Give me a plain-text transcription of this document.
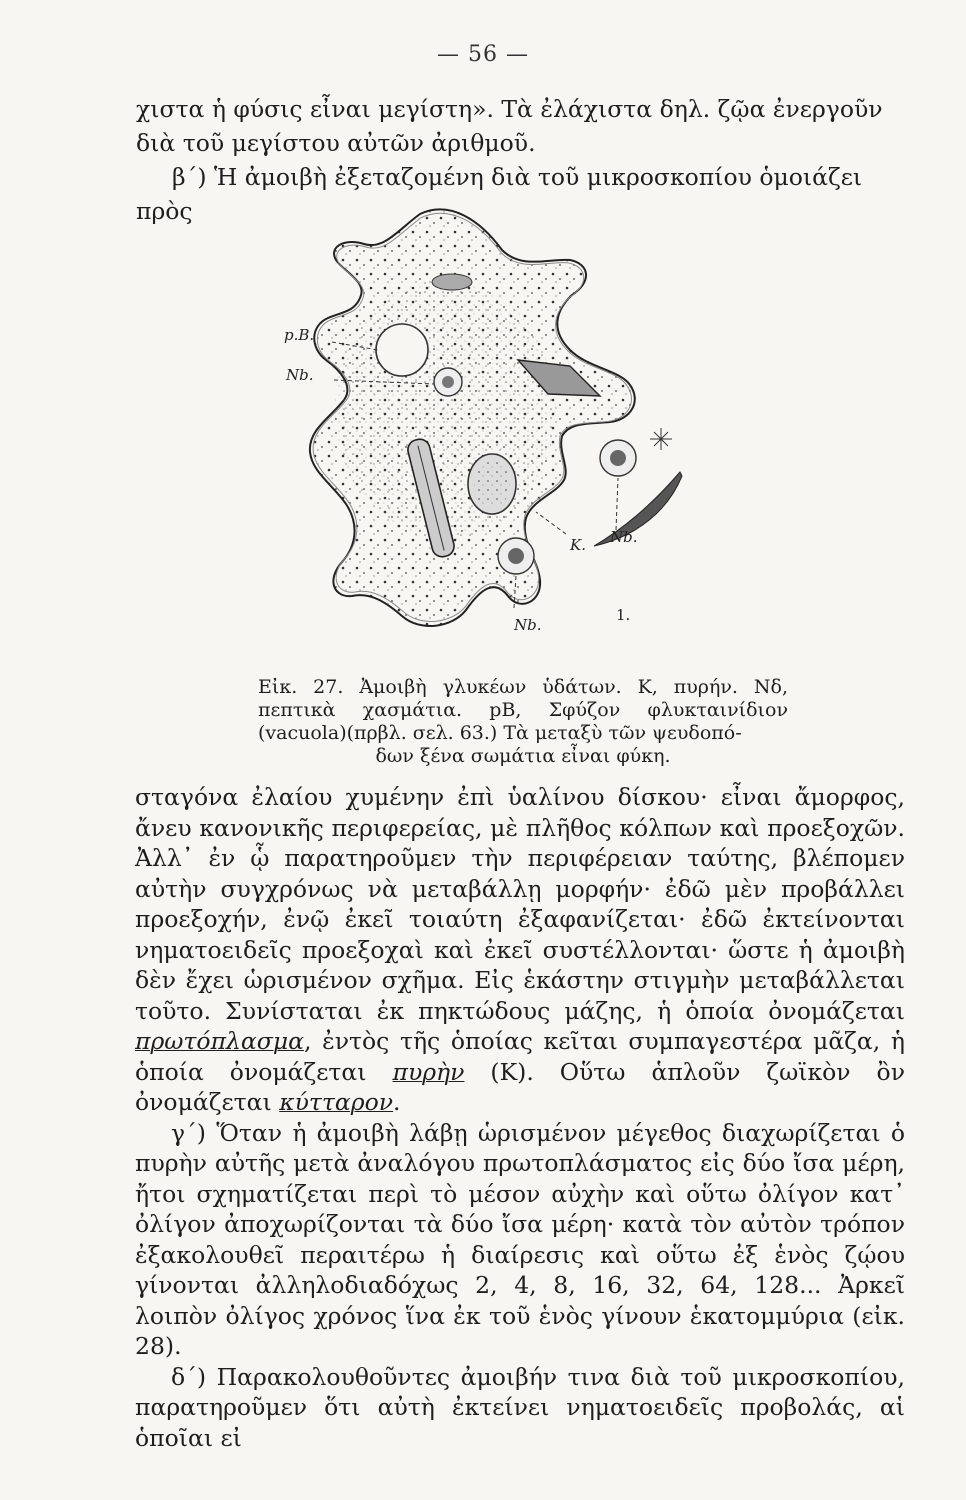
— 56 —

χιστα ἡ φύσις εἶναι μεγίστη». Τὰ ἐλάχιστα δηλ. ζῷα ἐνεργοῦν διὰ τοῦ μεγίστου αὐτῶν ἀριθμοῦ.

β΄) Ἡ ἀμοιβὴ ἐξεταζομένη διὰ τοῦ μικροσκοπίου ὁμοιάζει πρὸς

p.B.
Nb.
K. Nb.
Nb.
1.
Εἰκ. 27. Ἀμοιβὴ γλυκέων ὑδάτων. Κ, πυρήν. Νδ, πεπτικὰ χασμάτια. pB, Σφύζον φλυκταινίδιον (vacuola)(πρβλ. σελ. 63.) Τὰ μεταξὺ τῶν ψευδοπό-
δων ξένα σωμάτια εἶναι φύκη.

σταγόνα ἐλαίου χυμένην ἐπὶ ὑαλίνου δίσκου· εἶναι ἄμορφος, ἄνευ κανονικῆς περιφερείας, μὲ πλῆθος κόλπων καὶ προεξοχῶν. Ἀλλ᾽ ἐν ᾧ παρατηροῦμεν τὴν περιφέρειαν ταύτης, βλέπομεν αὐτὴν συγχρόνως νὰ μεταβάλλῃ μορφήν· ἐδῶ μὲν προβάλλει προεξοχήν, ἐνῷ ἐκεῖ τοιαύτη ἐξαφανίζεται· ἐδῶ ἐκτείνονται νηματοειδεῖς προεξοχαὶ καὶ ἐκεῖ συστέλλονται· ὥστε ἡ ἀμοιβὴ δὲν ἔχει ὡρισμένον σχῆμα. Εἰς ἑκάστην στιγμὴν μεταβάλλεται τοῦτο. Συνίσταται ἐκ πηκτώδους μάζης, ἡ ὁποία ὀνομάζεται πρωτόπλασμα, ἐντὸς τῆς ὁποίας κεῖται συμπαγεστέρα μᾶζα, ἡ ὁποία ὀνομάζεται πυρὴν (Κ). Οὕτω ἁπλοῦν ζωϊκὸν ὂν ὀνομάζεται κύτταρον.

γ΄) Ὅταν ἡ ἀμοιβὴ λάβῃ ὡρισμένον μέγεθος διαχωρίζεται ὁ πυρὴν αὐτῆς μετὰ ἀναλόγου πρωτοπλάσματος εἰς δύο ἴσα μέρη, ἤτοι σχηματίζεται περὶ τὸ μέσον αὐχὴν καὶ οὕτω ὀλίγον κατ᾽ ὀλίγον ἀποχωρίζονται τὰ δύο ἴσα μέρη· κατὰ τὸν αὐτὸν τρόπον ἐξακολουθεῖ περαιτέρω ἡ διαίρεσις καὶ οὕτω ἐξ ἑνὸς ζῴου γίνονται ἀλληλοδιαδόχως 2, 4, 8, 16, 32, 64, 128... Ἀρκεῖ λοιπὸν ὀλίγος χρόνος ἵνα ἐκ τοῦ ἑνὸς γίνουν ἑκατομμύρια (εἰκ. 28).

δ΄) Παρακολουθοῦντες ἀμοιβήν τινα διὰ τοῦ μικροσκοπίου, παρατηροῦμεν ὅτι αὐτὴ ἐκτείνει νηματοειδεῖς προβολάς, αἱ ὁποῖαι εἰ
